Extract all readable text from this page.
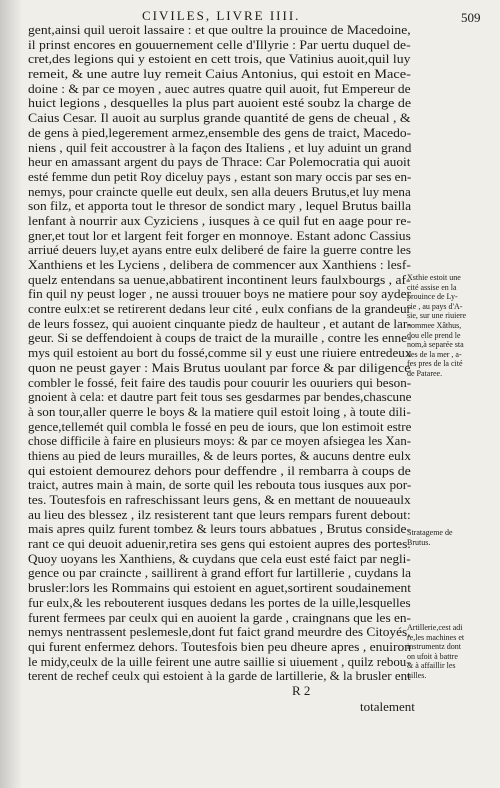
CIVILES, LIVRE IIII.	509
gent,ainsi quil ueroit lassaire : et que oultre la prouince de Macedoine,
il prinst encores en gouuernement celle d'Illyrie : Par uertu duquel de-
cret,des legions qui y estoient en cett trois, que Vatinius auoit,quil luy
remeit, & une autre luy remeit Caius Antonius, qui estoit en Mace-
doine : & par ce moyen , auec autres quatre quil auoit, fut Empereur de
huict legions , desquelles la plus part auoient esté soubz la charge de
Caius Cesar. Il auoit au surplus grande quantité de gens de cheual , &
de gens à pied,legerement armez,ensemble des gens de traict, Macedo-
niens , quil feit accoustrer à la façon des Italiens , et luy aduint un grand
heur en amassant argent du pays de Thrace: Car Polemocratia qui auoit
esté femme dun petit Roy diceluy pays , estant son mary occis par ses en-
nemys, pour craincte quelle eut deulx, sen alla deuers Brutus,et luy mena
son filz, et apporta tout le thresor de sondict mary , lequel Brutus bailla
lenfant à nourrir aux Cyziciens , iusques à ce quil fut en aage pour re-
gner,et tout lor et largent feit forger en monnoye. Estant adonc Cassius
arriué deuers luy,et ayans entre eulx deliberé de faire la guerre contre les
Xanthiens et les Lyciens , delibera de commencer aux Xanthiens : lesf-
quelz entendans sa uenue,abbatirent incontinent leurs faulxbourgs , af-
fin quil ny peust loger , ne aussi trouuer boys ne matiere pour soy ayder
contre eulx:et se retirerent dedans leur cité , eulx confians de la grandeur
de leurs fossez, qui auoient cinquante piedz de haulteur , et autant de lar-
geur. Si se deffendoient à coups de traict de la muraille , contre les enne-
mys quil estoient au bort du fossé,comme sil y eust une riuiere entredeux
quon ne peust gayer : Mais Brutus uoulant par force & par diligence
combler le fossé, feit faire des taudis pour couurir les ouuriers qui beson-
gnoient à cela: et dautre part feit tous ses gesdarmes par bendes,chascune
à son tour,aller querre le boys & la matiere quil estoit loing , à toute dili-
gence,tellemét quil combla le fossé en peu de iours, que lon estimoit estre
chose difficile à faire en plusieurs moys: & par ce moyen afsiegea les Xan-
thiens au pied de leurs murailles, & de leurs portes, & aucuns dentre eulx
qui estoient demourez dehors pour deffendre , il rembarra à coups de
traict, autres main à main, de sorte quil les rebouta tous iusques aux por-
tes. Toutesfois en rafreschissant leurs gens, & en mettant de nouueaulx
au lieu des blessez , ilz resisterent tant que leurs rempars furent debout:
mais apres quilz furent tombez & leurs tours abbatues , Brutus conside-
rant ce qui deuoit aduenir,retira ses gens qui estoient aupres des portes.
Quoy uoyans les Xanthiens, & cuydans que cela eust esté faict par negli-
gence ou par craincte , saillirent à grand effort fur lartillerie , cuydans la
brusler:lors les Rommains qui estoient en aguet,sortirent soudainement
fur eulx,& les rebouterent iusques dedans les portes de la uille,lesquelles
furent fermees par ceulx qui en auoient la garde , craingnans que les en-
nemys nentrassent peslemesle,dont fut faict grand meurdre des Citoyés,
qui furent enfermez dehors. Toutesfois bien peu dheure apres , enuiron
le midy,ceulx de la uille feirent une autre saillie si uiuement , quilz rebou-
terent de rechef ceulx qui estoient à la garde de lartillerie, & la brusler ent
Xsthie estoit une
cité assise en la
prouince de Ly-
cie , au pays d'A-
sie, sur une riuiere
nommee Xâthus,
dou elle prend le
nom,à separée sta
des de la mer , a-
fes pres de la cité
de Pataree.
Stratageme de
Brutus.
Artillerie,cest adi
re,les machines et
instrumentz dont
on ufoit à battre
& à affaillir les
uilles.
R 2
totalement
